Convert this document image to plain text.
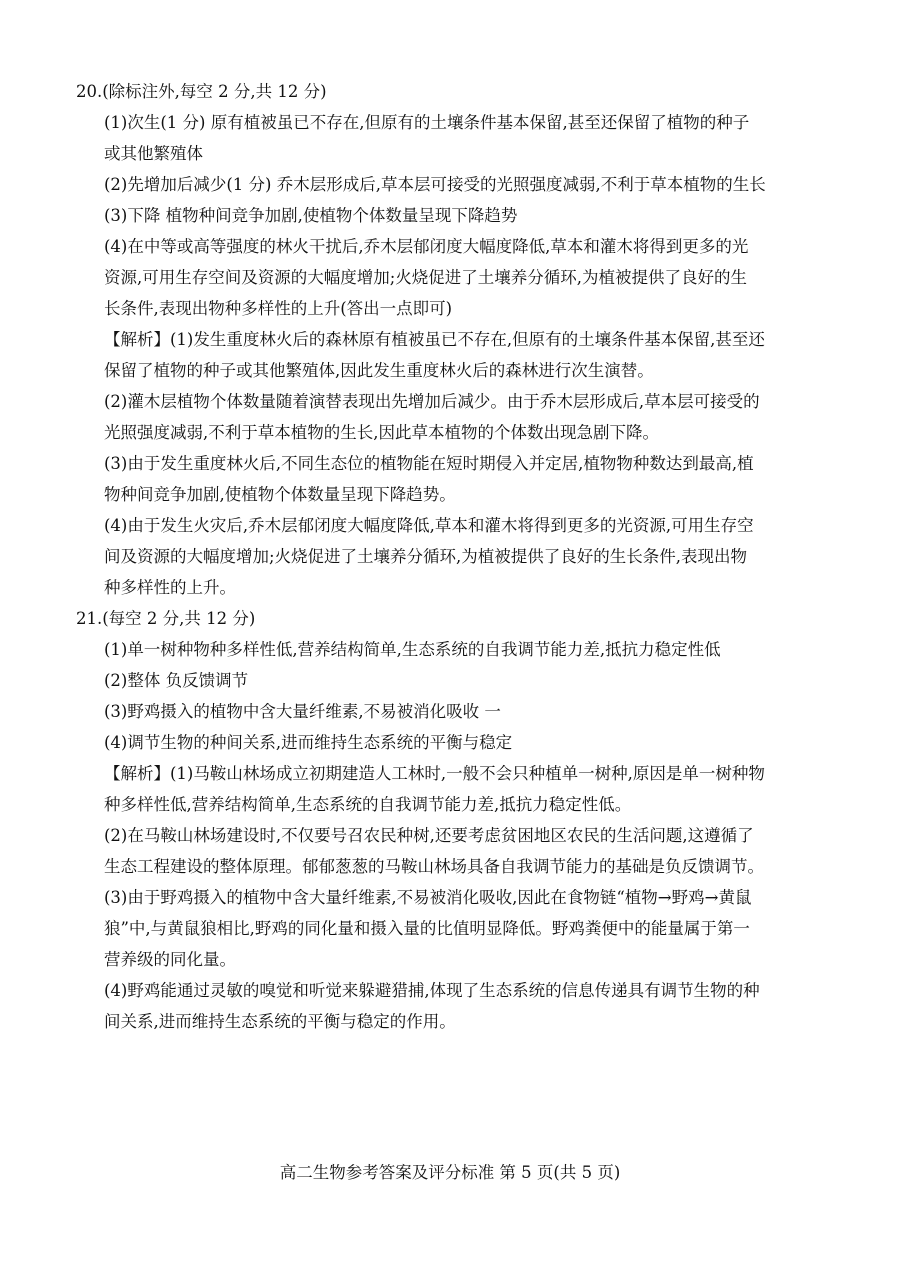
20.(除标注外,每空 2 分,共 12 分)
(1)次生(1 分) 原有植被虽已不存在,但原有的土壤条件基本保留,甚至还保留了植物的种子
或其他繁殖体
(2)先增加后减少(1 分) 乔木层形成后,草本层可接受的光照强度减弱,不利于草本植物的生长
(3)下降 植物种间竞争加剧,使植物个体数量呈现下降趋势
(4)在中等或高等强度的林火干扰后,乔木层郁闭度大幅度降低,草本和灌木将得到更多的光
资源,可用生存空间及资源的大幅度增加;火烧促进了土壤养分循环,为植被提供了良好的生
长条件,表现出物种多样性的上升(答出一点即可)
【解析】(1)发生重度林火后的森林原有植被虽已不存在,但原有的土壤条件基本保留,甚至还
保留了植物的种子或其他繁殖体,因此发生重度林火后的森林进行次生演替。
(2)灌木层植物个体数量随着演替表现出先增加后减少。由于乔木层形成后,草本层可接受的
光照强度减弱,不利于草本植物的生长,因此草本植物的个体数出现急剧下降。
(3)由于发生重度林火后,不同生态位的植物能在短时期侵入并定居,植物物种数达到最高,植
物种间竞争加剧,使植物个体数量呈现下降趋势。
(4)由于发生火灾后,乔木层郁闭度大幅度降低,草本和灌木将得到更多的光资源,可用生存空
间及资源的大幅度增加;火烧促进了土壤养分循环,为植被提供了良好的生长条件,表现出物
种多样性的上升。
21.(每空 2 分,共 12 分)
(1)单一树种物种多样性低,营养结构简单,生态系统的自我调节能力差,抵抗力稳定性低
(2)整体 负反馈调节
(3)野鸡摄入的植物中含大量纤维素,不易被消化吸收 一
(4)调节生物的种间关系,进而维持生态系统的平衡与稳定
【解析】(1)马鞍山林场成立初期建造人工林时,一般不会只种植单一树种,原因是单一树种物
种多样性低,营养结构简单,生态系统的自我调节能力差,抵抗力稳定性低。
(2)在马鞍山林场建设时,不仅要号召农民种树,还要考虑贫困地区农民的生活问题,这遵循了
生态工程建设的整体原理。郁郁葱葱的马鞍山林场具备自我调节能力的基础是负反馈调节。
(3)由于野鸡摄入的植物中含大量纤维素,不易被消化吸收,因此在食物链“植物→野鸡→黄鼠
狼”中,与黄鼠狼相比,野鸡的同化量和摄入量的比值明显降低。野鸡粪便中的能量属于第一
营养级的同化量。
(4)野鸡能通过灵敏的嗅觉和听觉来躲避猎捕,体现了生态系统的信息传递具有调节生物的种
间关系,进而维持生态系统的平衡与稳定的作用。
高二生物参考答案及评分标准 第 5 页(共 5 页)
